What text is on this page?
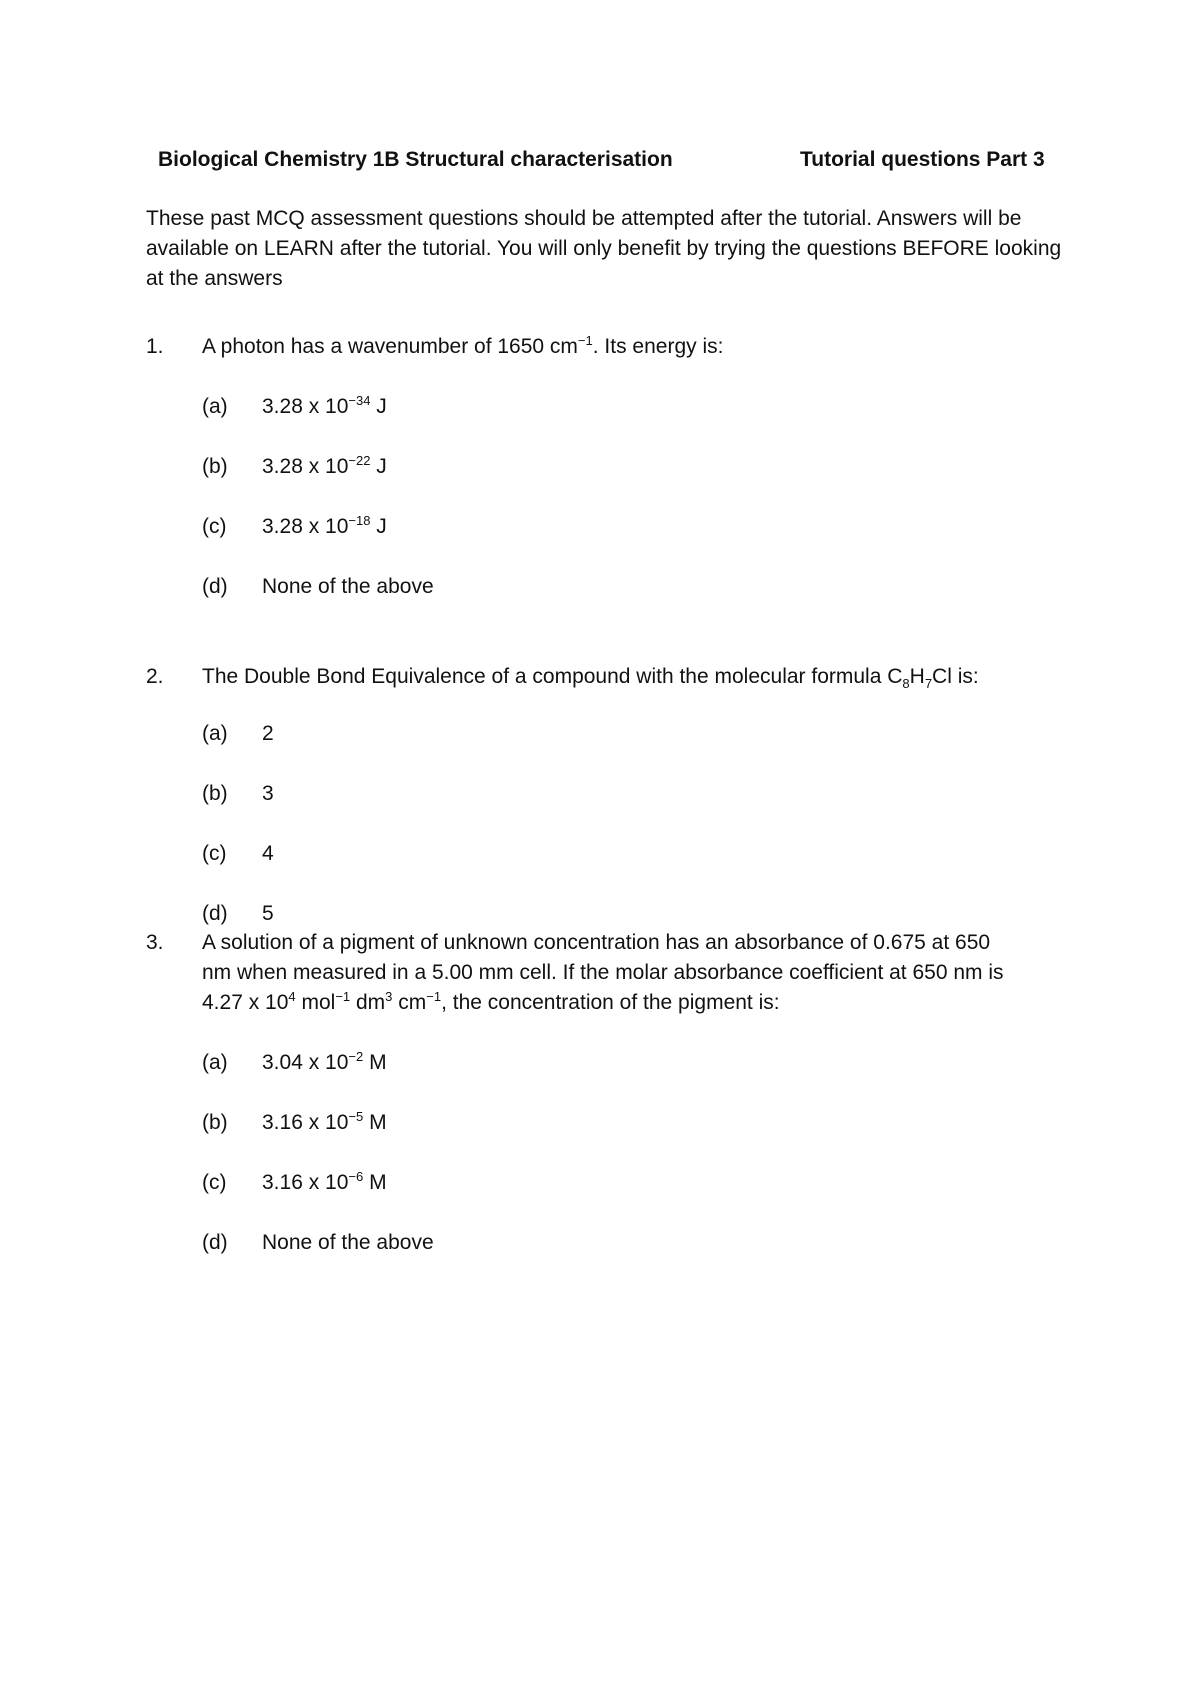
Biological Chemistry 1B Structural characterisation	Tutorial questions Part 3
These past MCQ assessment questions should be attempted after the tutorial. Answers will be available on LEARN after the tutorial. You will only benefit by trying the questions BEFORE looking at the answers
1. A photon has a wavenumber of 1650 $cm^{-1}$. Its energy is:
(a) 3.28 x $10^{-34}$ J
(b) 3.28 x $10^{-22}$ J
(c) 3.28 x $10^{-18}$ J
(d) None of the above
2. The Double Bond Equivalence of a compound with the molecular formula $C_8H_7Cl$ is:
(a) 2
(b) 3
(c) 4
(d) 5
3. A solution of a pigment of unknown concentration has an absorbance of 0.675 at 650
nm when measured in a 5.00 mm cell. If the molar absorbance coefficient at 650 nm is
4.27 x $10^4$ mol$^{-1}$ $dm^3$ $cm^{-1}$, the concentration of the pigment is:
(a) 3.04 x $10^{-2}$ M
(b) 3.16 x $10^{-5}$ M
(c) 3.16 x $10^{-6}$ M
(d) None of the above
